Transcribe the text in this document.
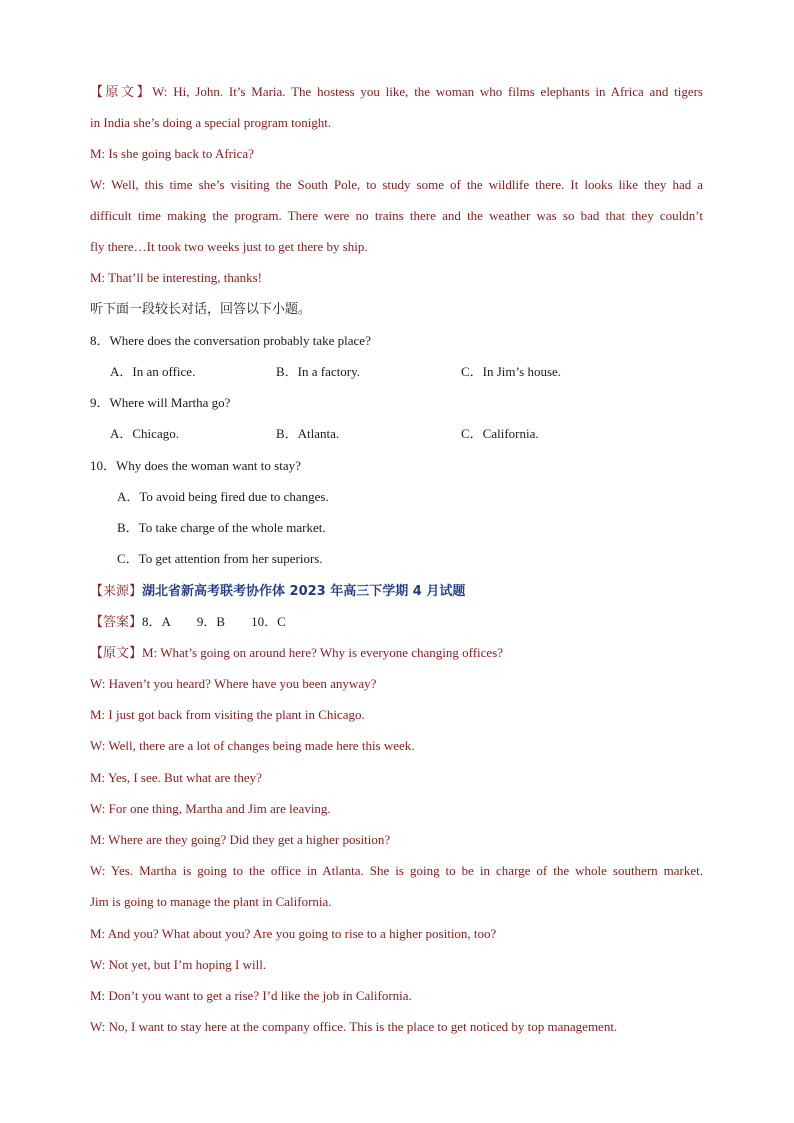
【原文】W: Hi, John. It’s Maria. The hostess you like, the woman who films elephants in Africa and tigers
in India she’s doing a special program tonight.
M: Is she going back to Africa?
W: Well, this time she’s visiting the South Pole, to study some of the wildlife there. It looks like they had a
difficult time making the program. There were no trains there and the weather was so bad that they couldn’t
fly there…It took two weeks just to get there by ship.
M: That’ll be interesting, thanks!
听下面一段较长对话，回答以下小题。
8．Where does the conversation probably take place?
A．In an office.	B．In a factory.	C．In Jim’s house.
9．Where will Martha go?
A．Chicago.	B．Atlanta.	C．California.
10．Why does the woman want to stay?
A．To avoid being fired due to changes.
B．To take charge of the whole market.
C．To get attention from her superiors.
【来源】湖北省新高考联考协作体 2023 年高三下学期 4 月试题
【答案】8．A 9．B 10．C
【原文】M: What’s going on around here? Why is everyone changing offices?
W: Haven’t you heard? Where have you been anyway?
M: I just got back from visiting the plant in Chicago.
W: Well, there are a lot of changes being made here this week.
M: Yes, I see. But what are they?
W: For one thing, Martha and Jim are leaving.
M: Where are they going? Did they get a higher position?
W: Yes. Martha is going to the office in Atlanta. She is going to be in charge of the whole southern market.
Jim is going to manage the plant in California.
M: And you? What about you? Are you going to rise to a higher position, too?
W: Not yet, but I’m hoping I will.
M: Don’t you want to get a rise? I’d like the job in California.
W: No, I want to stay here at the company office. This is the place to get noticed by top management.
